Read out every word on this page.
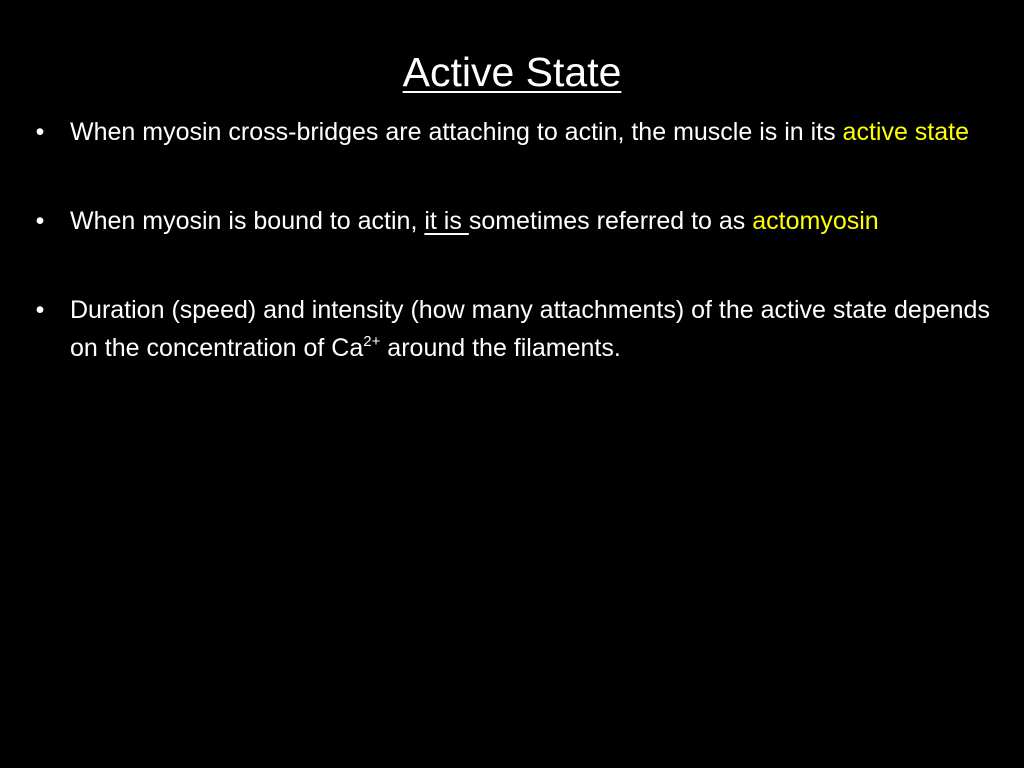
Active State
• When myosin cross-bridges are attaching to actin, the muscle is in its active state
• When myosin is bound to actin, it is sometimes referred to as actomyosin
• Duration (speed) and intensity (how many attachments) of the active state depends on the concentration of $Ca^{2+}$ around the filaments.
